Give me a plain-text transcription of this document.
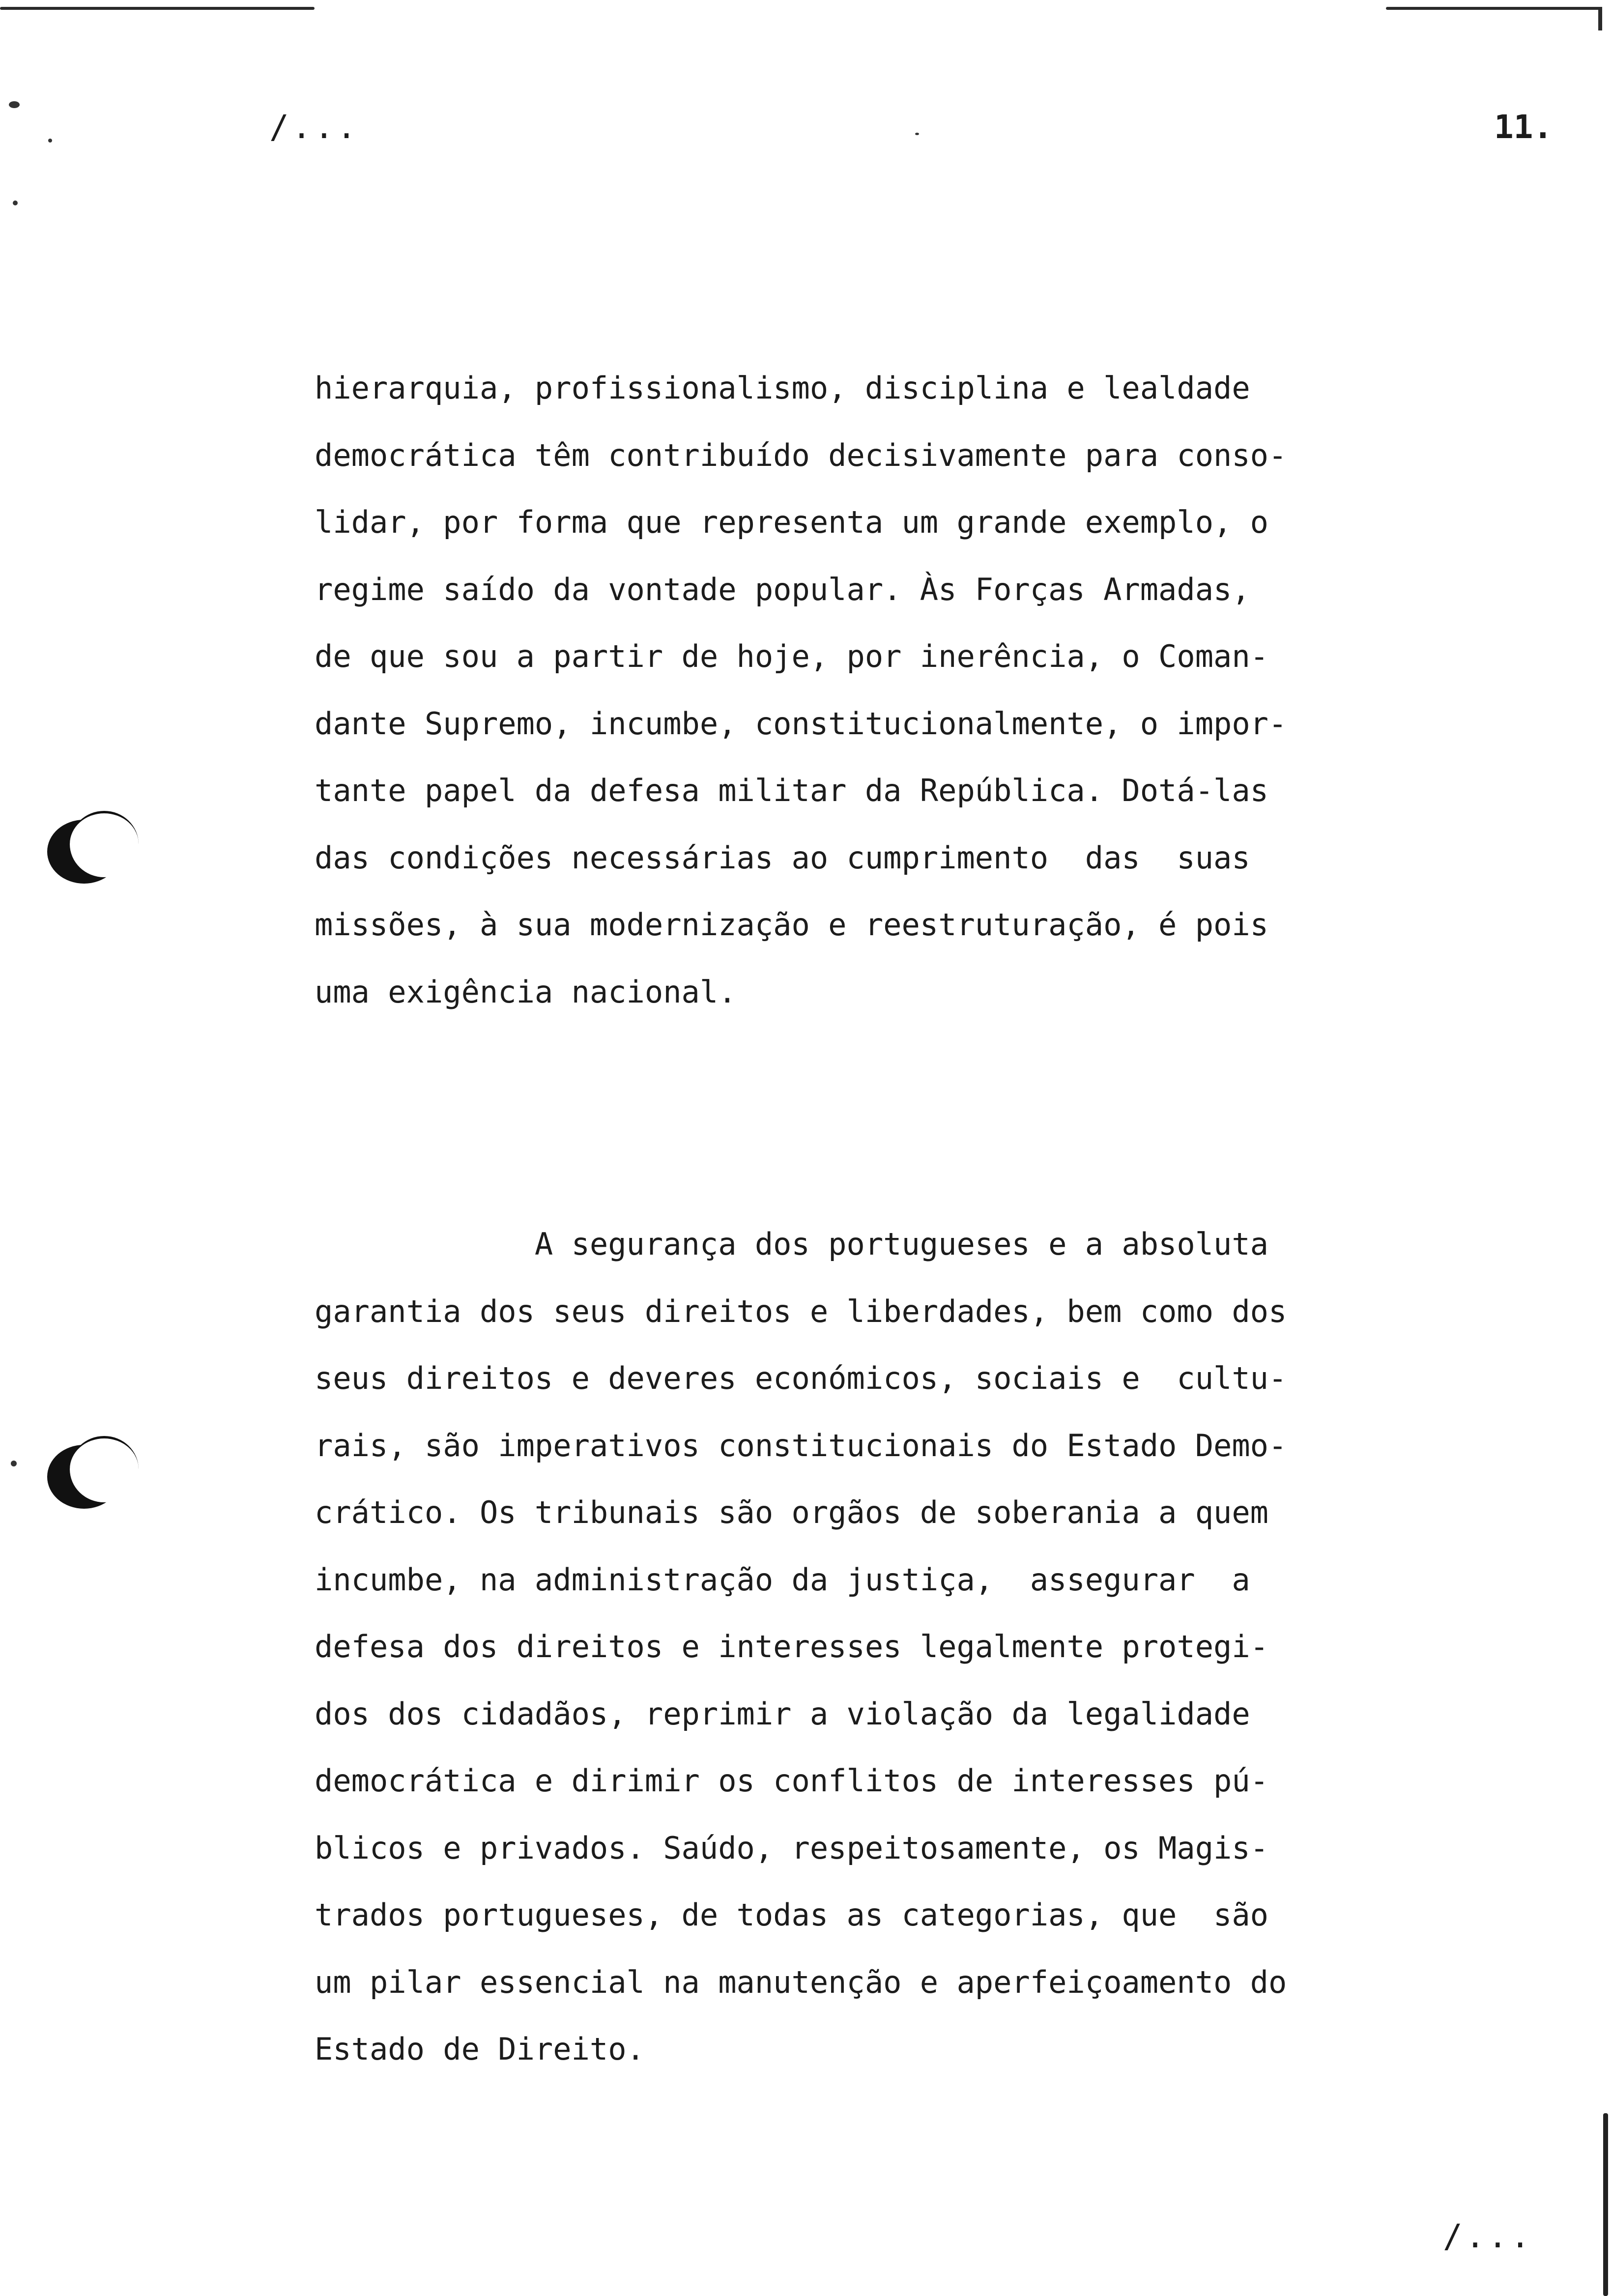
/...	11.
hierarquia, profissionalismo, disciplina e lealdade
democrática têm contribuído decisivamente para conso-
lidar, por forma que representa um grande exemplo, o
regime saído da vontade popular. Às Forças Armadas,
de que sou a partir de hoje, por inerência, o Coman-
dante Supremo, incumbe, constitucionalmente, o impor-
tante papel da defesa militar da República. Dotá-las
das condições necessárias ao cumprimento  das  suas
missões, à sua modernização e reestruturação, é pois
uma exigência nacional.
A segurança dos portugueses e a absoluta
garantia dos seus direitos e liberdades, bem como dos
seus direitos e deveres económicos, sociais e  cultu-
rais, são imperativos constitucionais do Estado Demo-
crático. Os tribunais são orgãos de soberania a quem
incumbe, na administração da justiça,  assegurar  a
defesa dos direitos e interesses legalmente protegi-
dos dos cidadãos, reprimir a violação da legalidade
democrática e dirimir os conflitos de interesses pú-
blicos e privados. Saúdo, respeitosamente, os Magis-
trados portugueses, de todas as categorias, que  são
um pilar essencial na manutenção e aperfeiçoamento do
Estado de Direito.
/...
